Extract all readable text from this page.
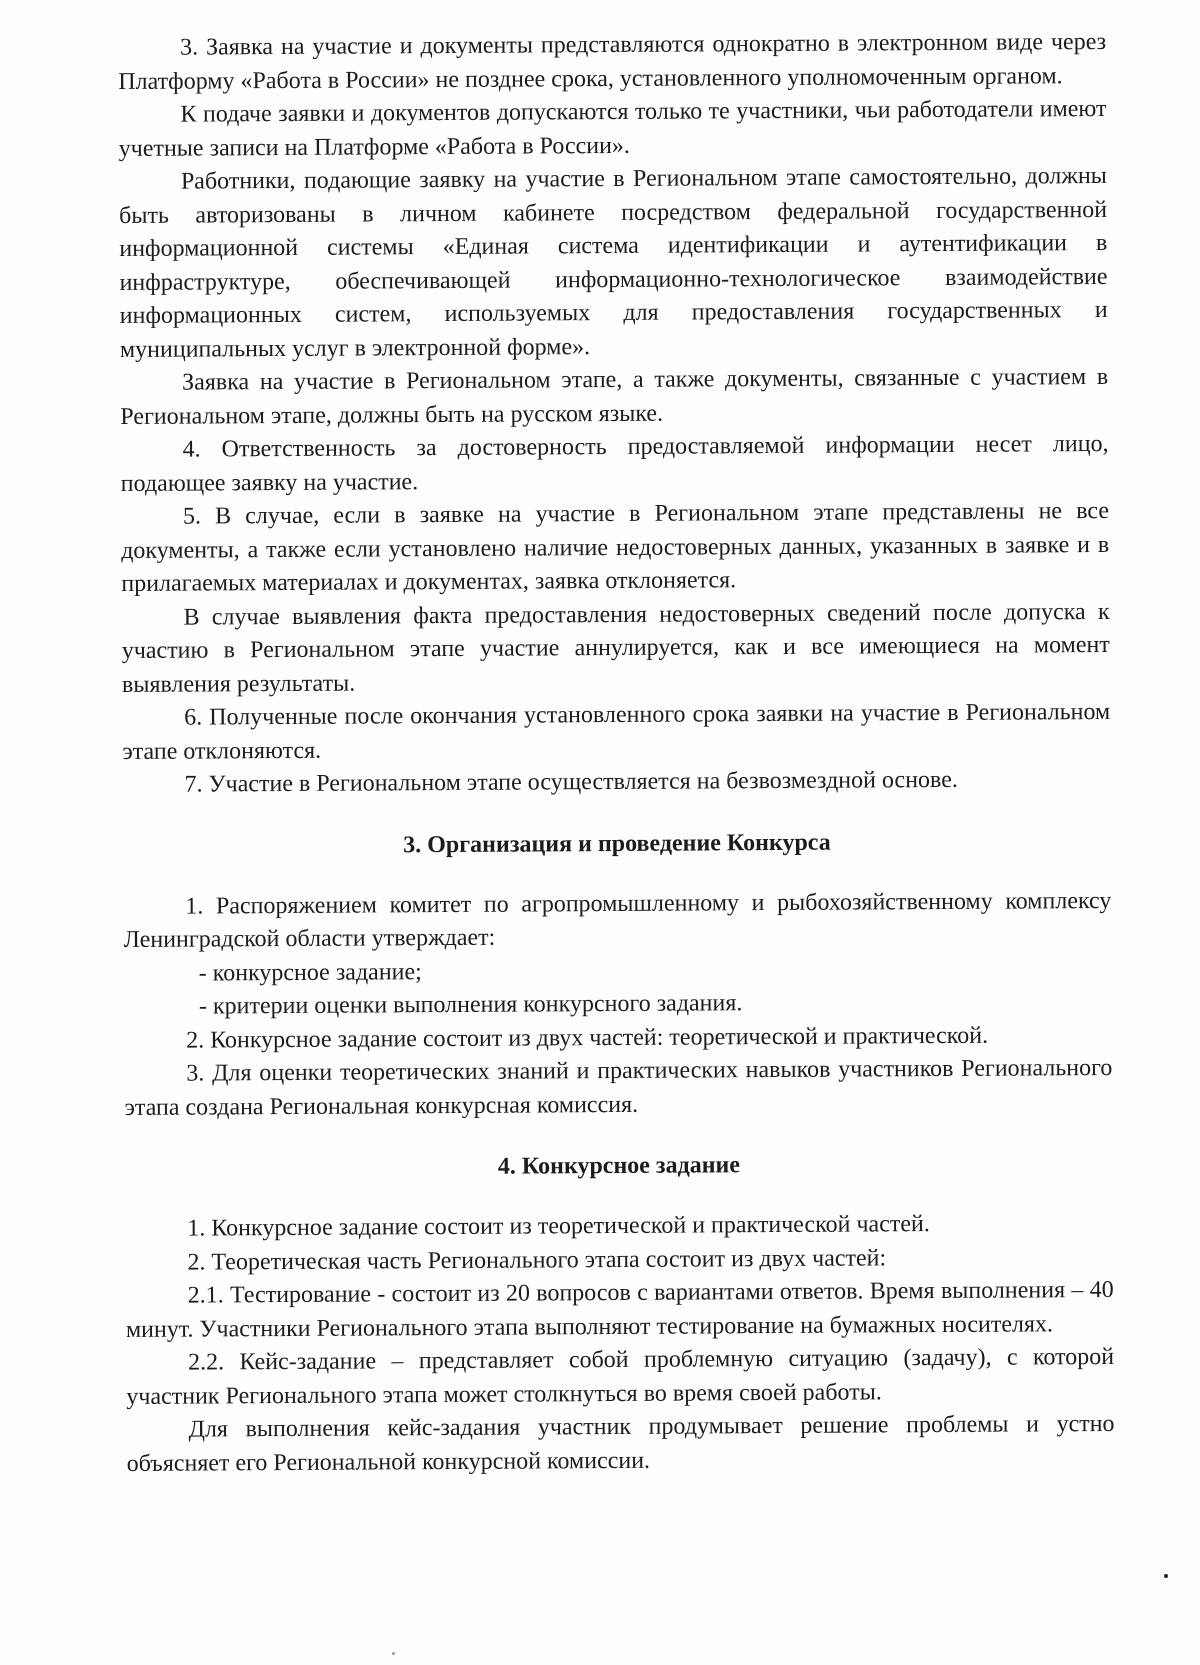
3. Заявка на участие и документы представляются однократно в электронном виде через Платформу «Работа в России» не позднее срока, установленного уполномоченным органом.

К подаче заявки и документов допускаются только те участники, чьи работодатели имеют учетные записи на Платформе «Работа в России».

Работники, подающие заявку на участие в Региональном этапе самостоятельно, должны быть авторизованы в личном кабинете посредством федеральной государственной информационной системы «Единая система идентификации и аутентификации в инфраструктуре, обеспечивающей информационно-технологическое взаимодействие информационных систем, используемых для предоставления государственных и муниципальных услуг в электронной форме».

Заявка на участие в Региональном этапе, а также документы, связанные с участием в Региональном этапе, должны быть на русском языке.

4. Ответственность за достоверность предоставляемой информации несет лицо, подающее заявку на участие.

5. В случае, если в заявке на участие в Региональном этапе представлены не все документы, а также если установлено наличие недостоверных данных, указанных в заявке и в прилагаемых материалах и документах, заявка отклоняется.

В случае выявления факта предоставления недостоверных сведений после допуска к участию в Региональном этапе участие аннулируется, как и все имеющиеся на момент выявления результаты.

6. Полученные после окончания установленного срока заявки на участие в Региональном этапе отклоняются.

7. Участие в Региональном этапе осуществляется на безвозмездной основе.

3. Организация и проведение Конкурса

1. Распоряжением комитет по агропромышленному и рыбохозяйственному комплексу Ленинградской области утверждает:

- конкурсное задание;

- критерии оценки выполнения конкурсного задания.

2. Конкурсное задание состоит из двух частей: теоретической и практической.

3. Для оценки теоретических знаний и практических навыков участников Регионального этапа создана Региональная конкурсная комиссия.

4. Конкурсное задание

1. Конкурсное задание состоит из теоретической и практической частей.

2. Теоретическая часть Регионального этапа состоит из двух частей:

2.1. Тестирование - состоит из 20 вопросов с вариантами ответов. Время выполнения – 40 минут. Участники Регионального этапа выполняют тестирование на бумажных носителях.

2.2. Кейс-задание – представляет собой проблемную ситуацию (задачу), с которой участник Регионального этапа может столкнуться во время своей работы.

Для выполнения кейс-задания участник продумывает решение проблемы и устно объясняет его Региональной конкурсной комиссии.
